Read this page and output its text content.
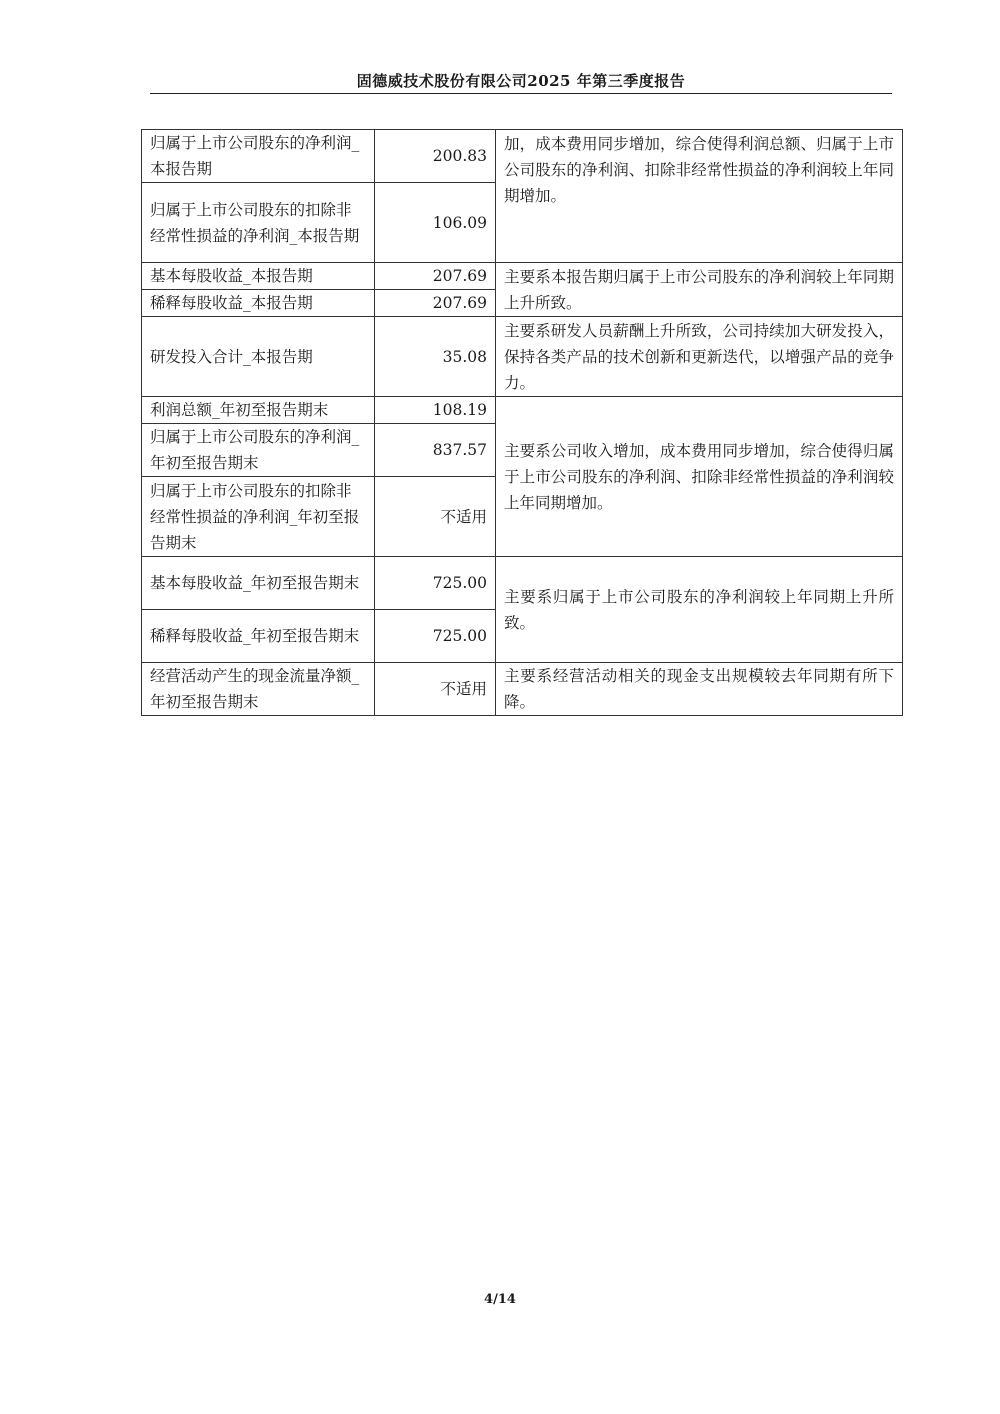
固德威技术股份有限公司2025 年第三季度报告
归属于上市公司股东的净利润_本报告期	200.83	加，成本费用同步增加，综合使得利润总额、归属于上市公司股东的净利润、扣除非经常性损益的净利润较上年同期增加。
归属于上市公司股东的扣除非经常性损益的净利润_本报告期	106.09	
基本每股收益_本报告期	207.69	主要系本报告期归属于上市公司股东的净利润较上年同期上升所致。
稀释每股收益_本报告期	207.69	
研发投入合计_本报告期	35.08	主要系研发人员薪酬上升所致，公司持续加大研发投入，保持各类产品的技术创新和更新迭代，以增强产品的竞争力。
利润总额_年初至报告期末	108.19	主要系公司收入增加，成本费用同步增加，综合使得归属于上市公司股东的净利润、扣除非经常性损益的净利润较上年同期增加。
归属于上市公司股东的净利润_年初至报告期末	837.57	
归属于上市公司股东的扣除非经常性损益的净利润_年初至报告期末	不适用	
基本每股收益_年初至报告期末	725.00	主要系归属于上市公司股东的净利润较上年同期上升所致。
稀释每股收益_年初至报告期末	725.00	
经营活动产生的现金流量净额_年初至报告期末	不适用	主要系经营活动相关的现金支出规模较去年同期有所下降。
4/14
